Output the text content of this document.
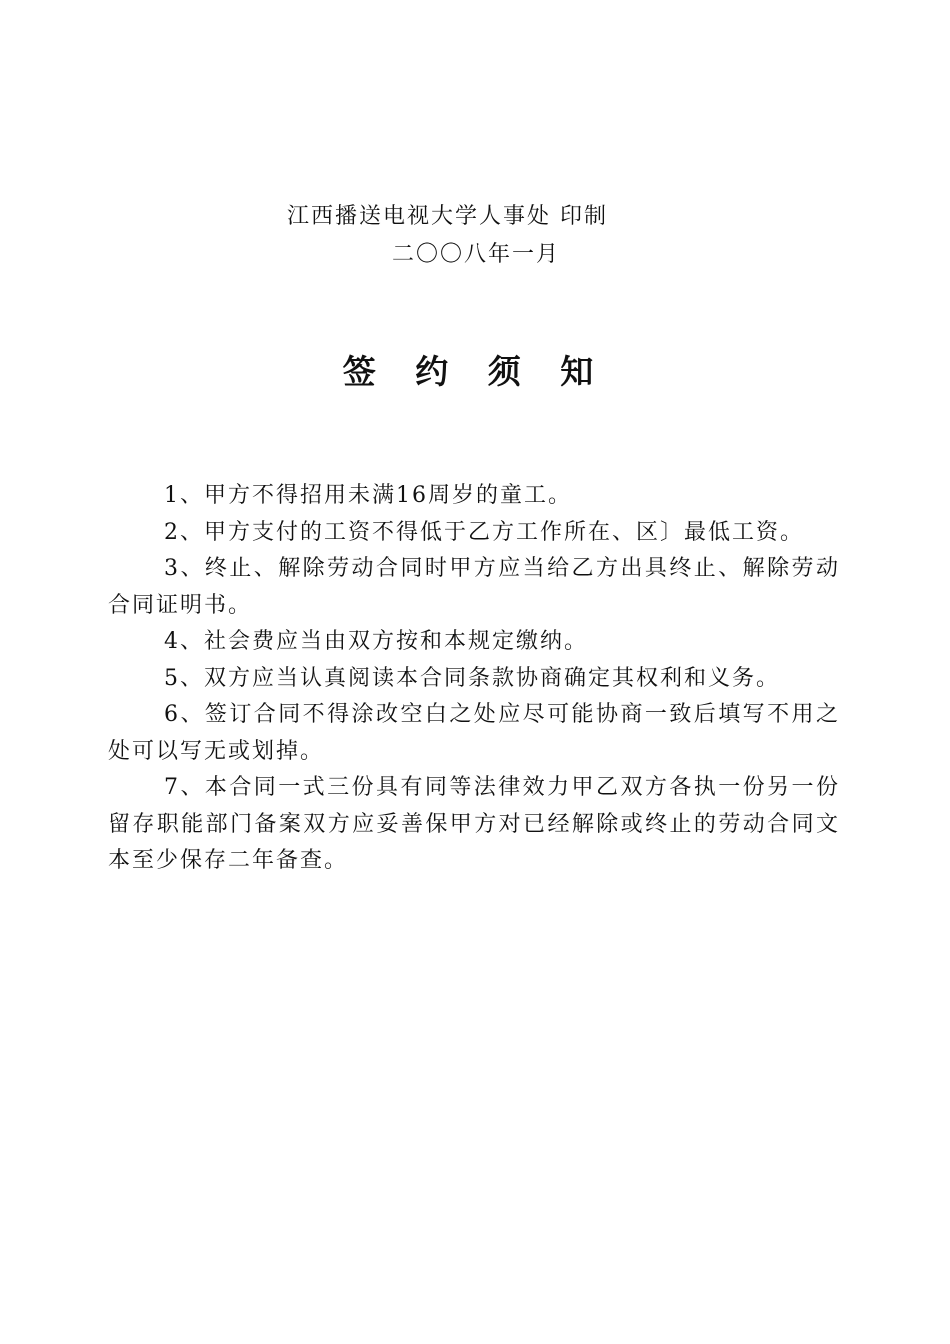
江西播送电视大学人事处 印制
二〇〇八年一月
签 约 须 知
1、甲方不得招用未满16周岁的童工。
2、甲方支付的工资不得低于乙方工作所在、区〕最低工资。
3、终止、解除劳动合同时甲方应当给乙方出具终止、解除劳动合同证明书。
4、社会费应当由双方按和本规定缴纳。
5、双方应当认真阅读本合同条款协商确定其权利和义务。
6、签订合同不得涂改空白之处应尽可能协商一致后填写不用之处可以写无或划掉。
7、本合同一式三份具有同等法律效力甲乙双方各执一份另一份留存职能部门备案双方应妥善保甲方对已经解除或终止的劳动合同文本至少保存二年备查。
